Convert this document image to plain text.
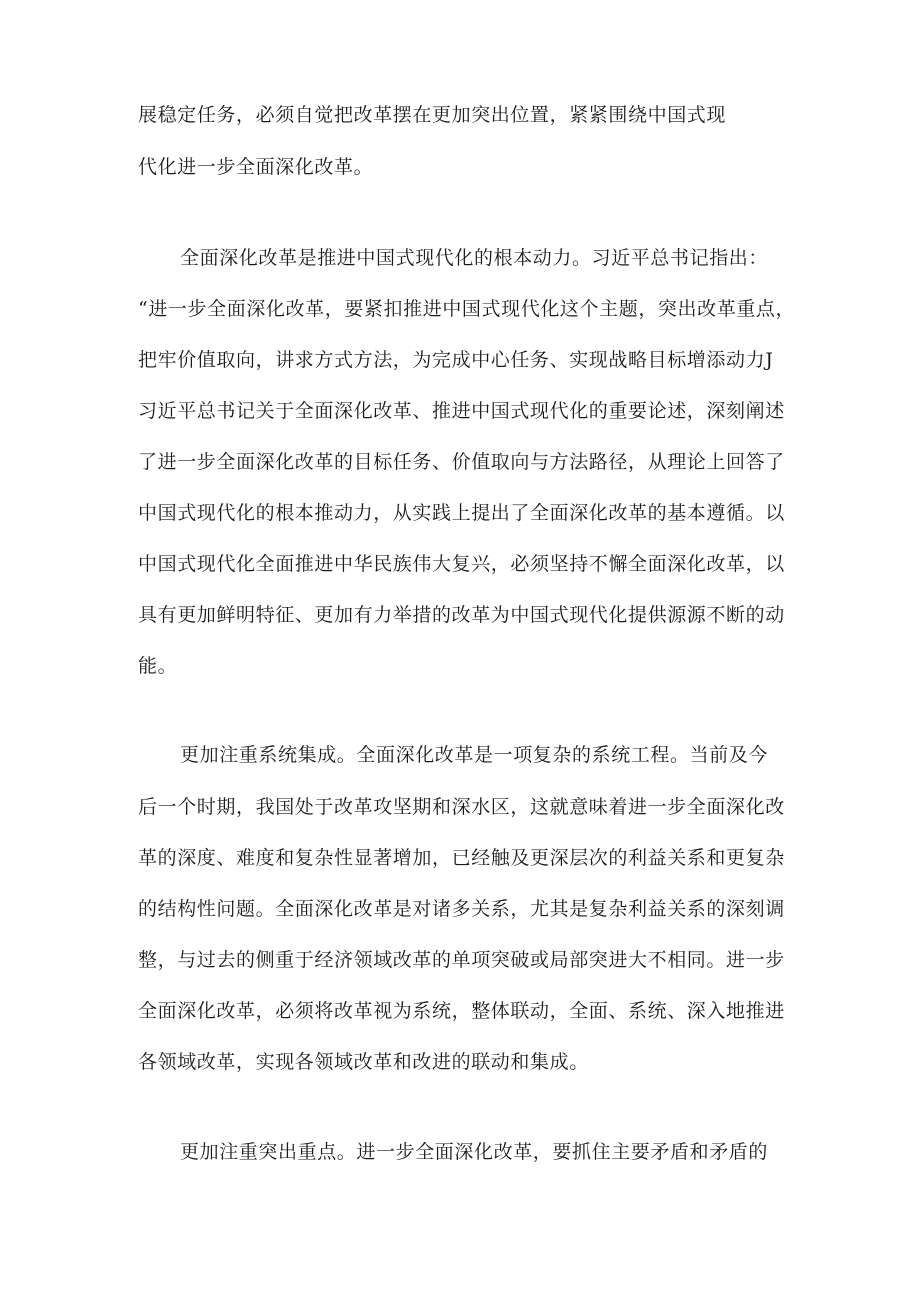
展稳定任务，必须自觉把改革摆在更加突出位置，紧紧围绕中国式现
代化进一步全面深化改革。
全面深化改革是推进中国式现代化的根本动力。习近平总书记指出：
“进一步全面深化改革，要紧扣推进中国式现代化这个主题，突出改革重点，
把牢价值取向，讲求方式方法，为完成中心任务、实现战略目标增添动力J
习近平总书记关于全面深化改革、推进中国式现代化的重要论述，深刻阐述
了进一步全面深化改革的目标任务、价值取向与方法路径，从理论上回答了
中国式现代化的根本推动力，从实践上提出了全面深化改革的基本遵循。以
中国式现代化全面推进中华民族伟大复兴，必须坚持不懈全面深化改革，以
具有更加鲜明特征、更加有力举措的改革为中国式现代化提供源源不断的动
能。
更加注重系统集成。全面深化改革是一项复杂的系统工程。当前及今
后一个时期，我国处于改革攻坚期和深水区，这就意味着进一步全面深化改
革的深度、难度和复杂性显著增加，已经触及更深层次的利益关系和更复杂
的结构性问题。全面深化改革是对诸多关系，尤其是复杂利益关系的深刻调
整，与过去的侧重于经济领域改革的单项突破或局部突进大不相同。进一步
全面深化改革，必须将改革视为系统，整体联动，全面、系统、深入地推进
各领域改革，实现各领域改革和改进的联动和集成。
更加注重突出重点。进一步全面深化改革，要抓住主要矛盾和矛盾的
